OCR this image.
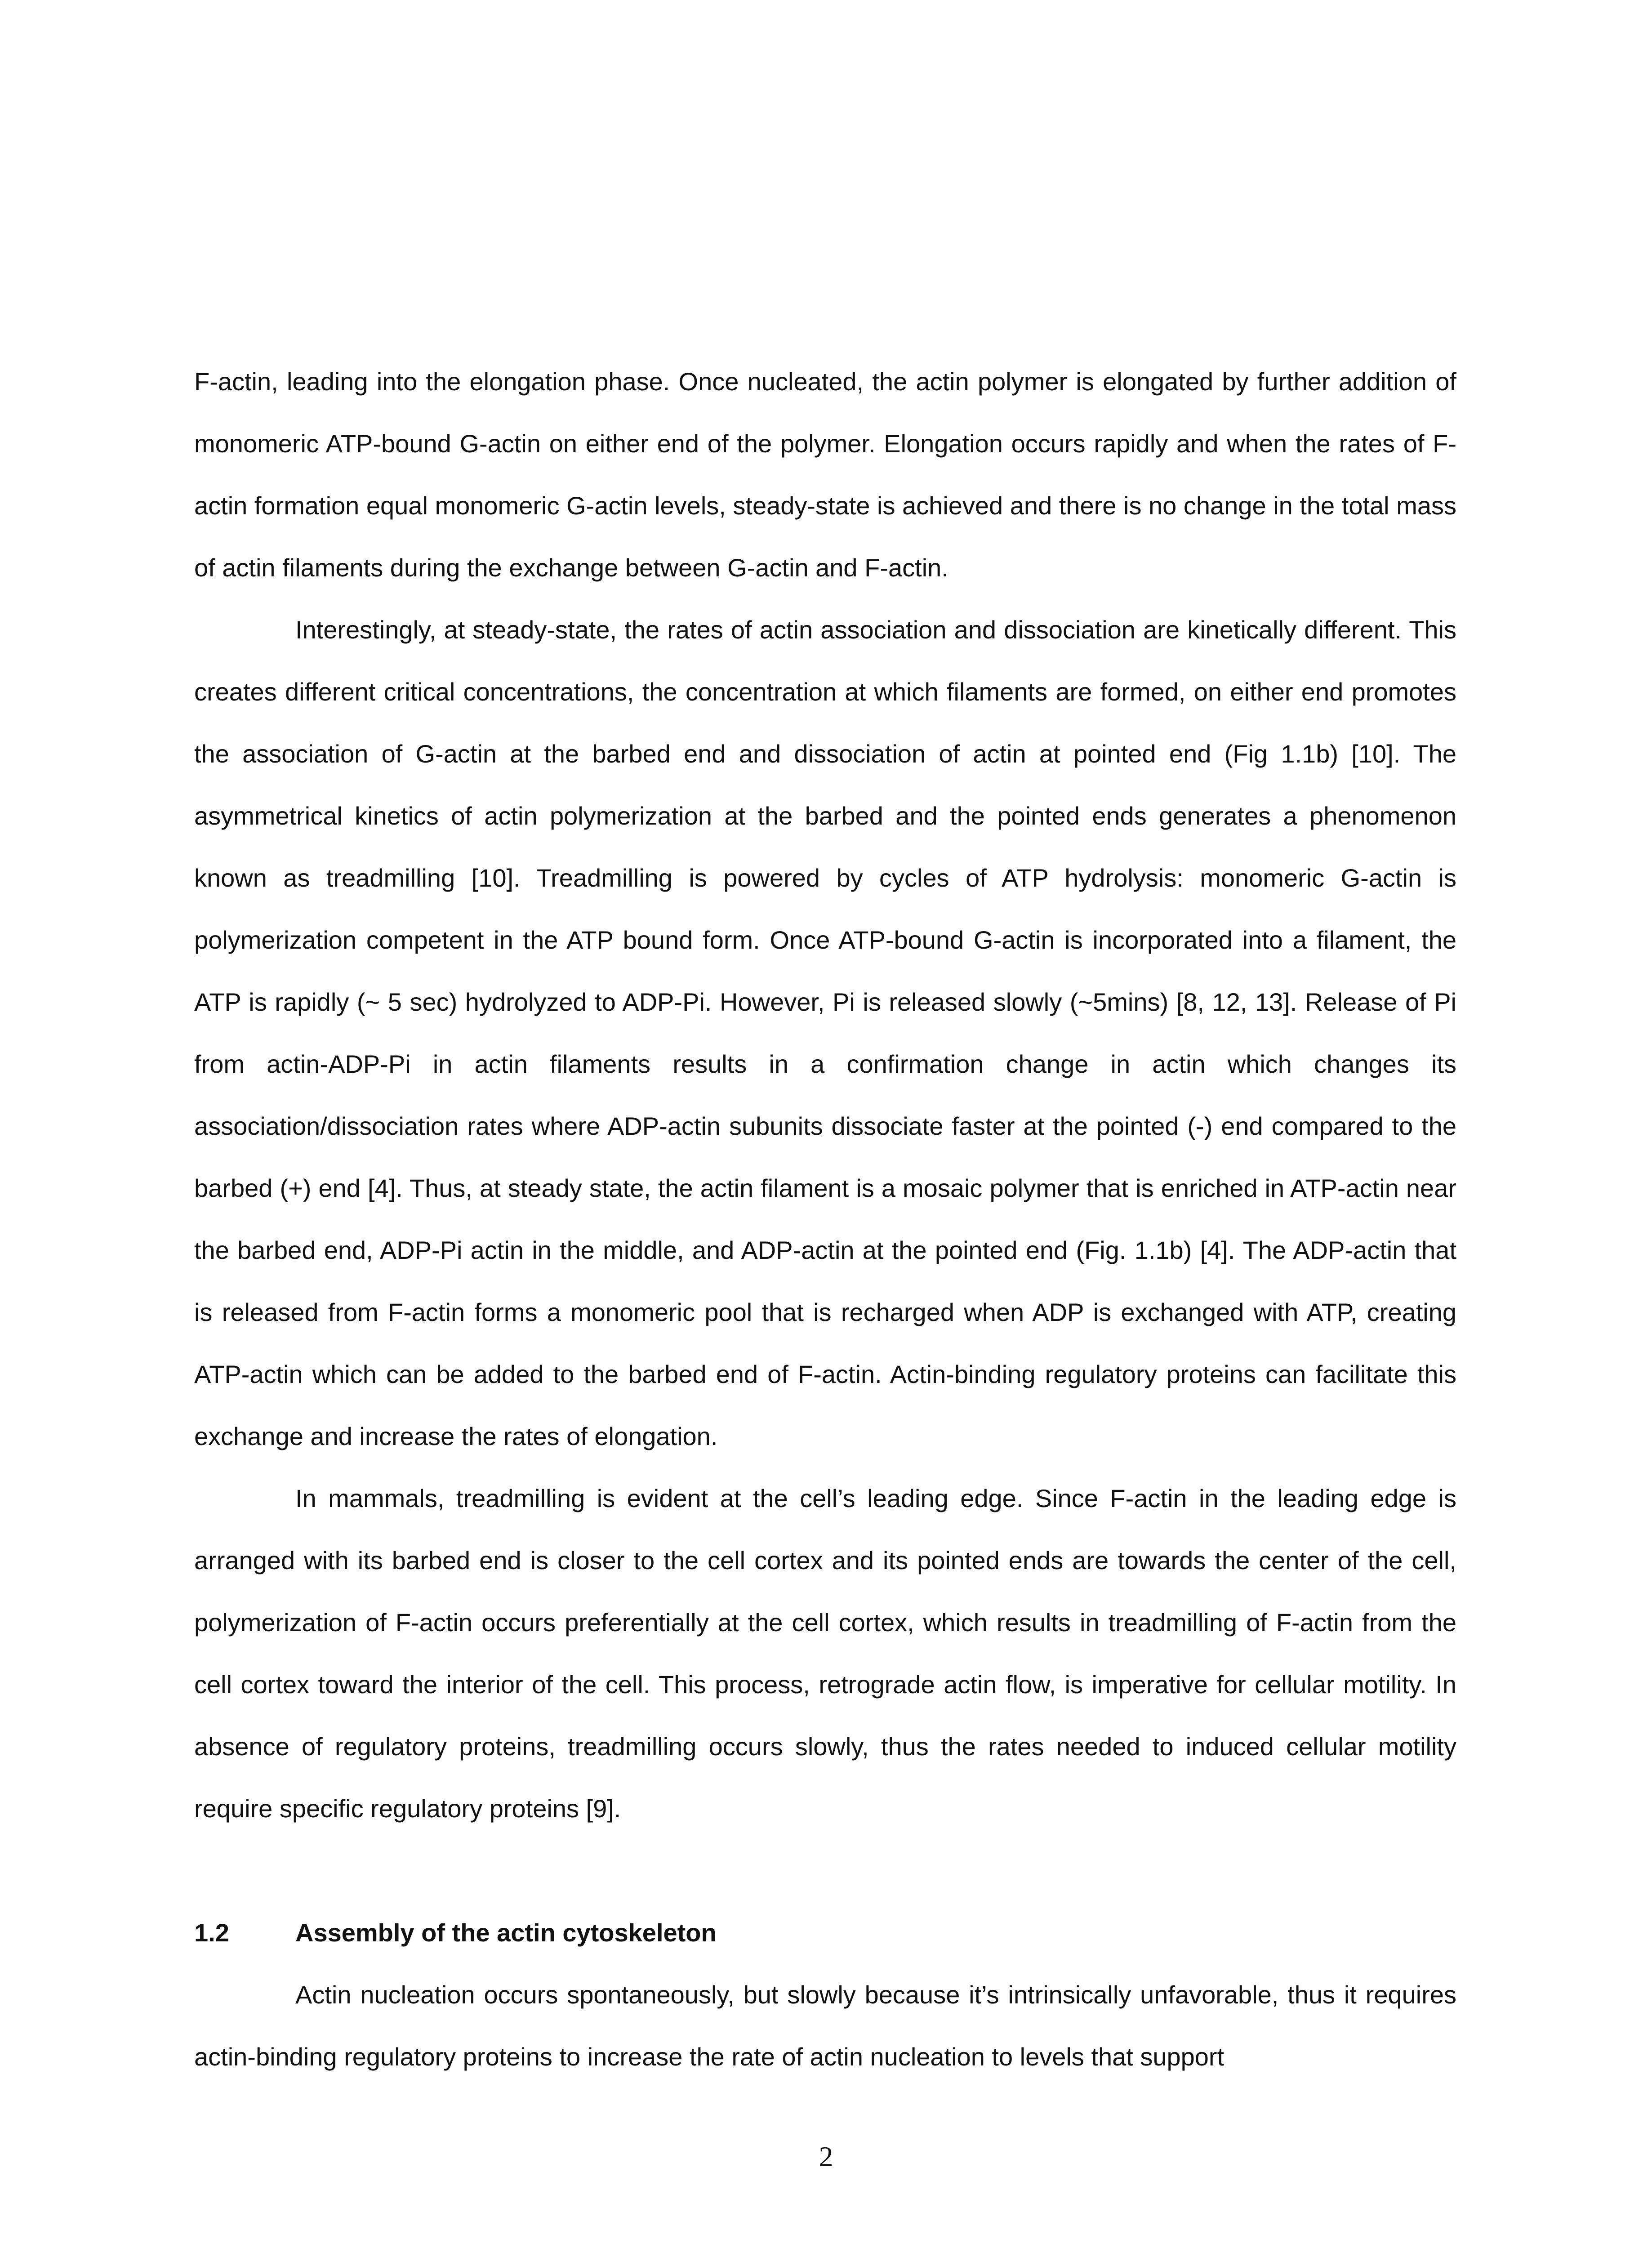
F-actin, leading into the elongation phase. Once nucleated, the actin polymer is elongated by further addition of monomeric ATP-bound G-actin on either end of the polymer. Elongation occurs rapidly and when the rates of F-actin formation equal monomeric G-actin levels, steady-state is achieved and there is no change in the total mass of actin filaments during the exchange between G-actin and F-actin.

Interestingly, at steady-state, the rates of actin association and dissociation are kinetically different. This creates different critical concentrations, the concentration at which filaments are formed, on either end promotes the association of G-actin at the barbed end and dissociation of actin at pointed end (Fig 1.1b) [10]. The asymmetrical kinetics of actin polymerization at the barbed and the pointed ends generates a phenomenon known as treadmilling [10]. Treadmilling is powered by cycles of ATP hydrolysis: monomeric G-actin is polymerization competent in the ATP bound form. Once ATP-bound G-actin is incorporated into a filament, the ATP is rapidly (~ 5 sec) hydrolyzed to ADP-Pi. However, Pi is released slowly (~5mins) [8, 12, 13]. Release of Pi from actin-ADP-Pi in actin filaments results in a confirmation change in actin which changes its association/dissociation rates where ADP-actin subunits dissociate faster at the pointed (-) end compared to the barbed (+) end [4]. Thus, at steady state, the actin filament is a mosaic polymer that is enriched in ATP-actin near the barbed end, ADP-Pi actin in the middle, and ADP-actin at the pointed end (Fig. 1.1b) [4]. The ADP-actin that is released from F-actin forms a monomeric pool that is recharged when ADP is exchanged with ATP, creating ATP-actin which can be added to the barbed end of F-actin. Actin-binding regulatory proteins can facilitate this exchange and increase the rates of elongation.

In mammals, treadmilling is evident at the cell’s leading edge. Since F-actin in the leading edge is arranged with its barbed end is closer to the cell cortex and its pointed ends are towards the center of the cell, polymerization of F-actin occurs preferentially at the cell cortex, which results in treadmilling of F-actin from the cell cortex toward the interior of the cell. This process, retrograde actin flow, is imperative for cellular motility. In absence of regulatory proteins, treadmilling occurs slowly, thus the rates needed to induced cellular motility require specific regulatory proteins [9].

1.2	Assembly of the actin cytoskeleton

Actin nucleation occurs spontaneously, but slowly because it’s intrinsically unfavorable, thus it requires actin-binding regulatory proteins to increase the rate of actin nucleation to levels that support

2
